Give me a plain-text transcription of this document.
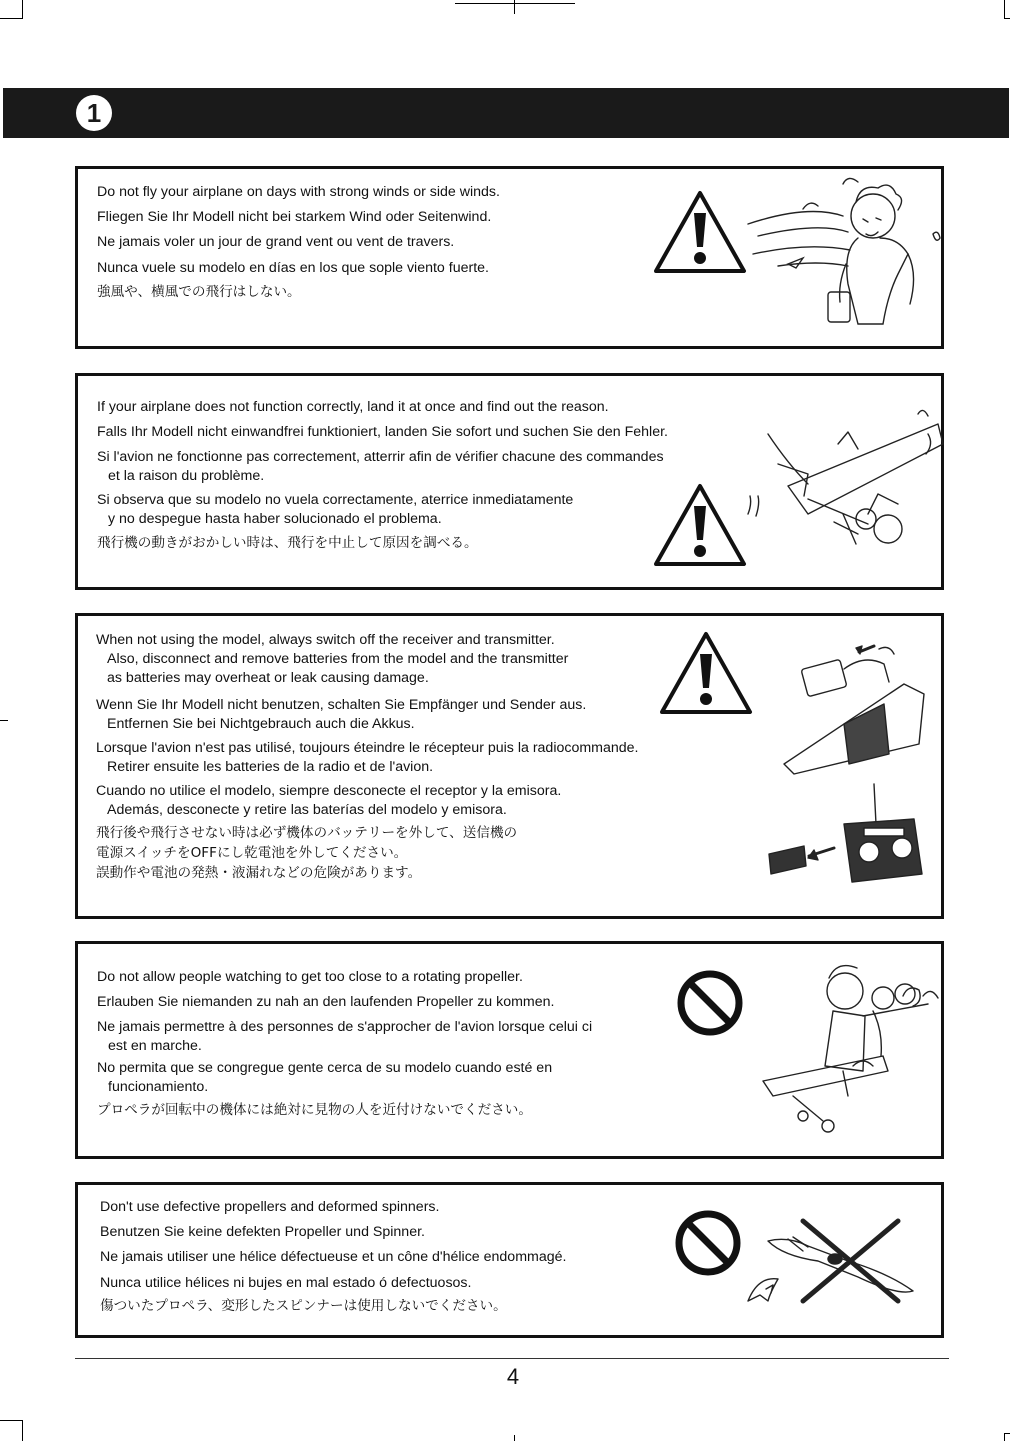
1
Do not fly your airplane on days with strong winds or side winds.
Fliegen Sie Ihr Modell nicht bei starkem Wind oder Seitenwind.
Ne jamais voler un jour de grand vent ou vent de travers.
Nunca vuele su modelo en días en los que sople viento fuerte.
強風や、横風での飛行はしない。
If your airplane does not function correctly, land it at once and find out the reason.
Falls Ihr Modell nicht einwandfrei funktioniert, landen Sie sofort und suchen Sie den Fehler.
Si l'avion ne fonctionne pas correctement, atterrir afin de vérifier chacune des commandes
et la raison du problème.
Si observa que su modelo no vuela correctamente, aterrice inmediatamente
y no despegue hasta haber solucionado el problema.
飛行機の動きがおかしい時は、飛行を中止して原因を調べる。
When not using the model, always switch off the receiver and transmitter.
Also, disconnect and remove batteries from the model and the transmitter
as batteries may overheat or leak causing damage.
Wenn Sie Ihr Modell nicht benutzen, schalten Sie Empfänger und Sender aus.
Entfernen Sie bei Nichtgebrauch auch die Akkus.
Lorsque l'avion n'est pas utilisé, toujours éteindre le récepteur puis la radiocommande.
Retirer ensuite les batteries de la radio et de l'avion.
Cuando no utilice el modelo, siempre desconecte el receptor y la emisora.
Además, desconecte y retire las baterías del modelo y emisora.
飛行後や飛行させない時は必ず機体のバッテリーを外して、送信機の
電源スイッチをOFFにし乾電池を外してください。
誤動作や電池の発熱・液漏れなどの危険があります。
Do not allow people watching to get too close to a rotating propeller.
Erlauben Sie niemanden zu nah an den laufenden Propeller zu kommen.
Ne jamais permettre à des personnes de s'approcher de l'avion lorsque celui ci
est en marche.
No permita que se congregue gente cerca de su modelo cuando esté en
funcionamiento.
プロペラが回転中の機体には絶対に見物の人を近付けないでください。
Don't use defective propellers and deformed spinners.
Benutzen Sie keine defekten Propeller und Spinner.
Ne jamais utiliser une hélice défectueuse et un cône d'hélice endommagé.
Nunca utilice hélices ni bujes en mal estado ó defectuosos.
傷ついたプロペラ、変形したスピンナーは使用しないでください。
4
